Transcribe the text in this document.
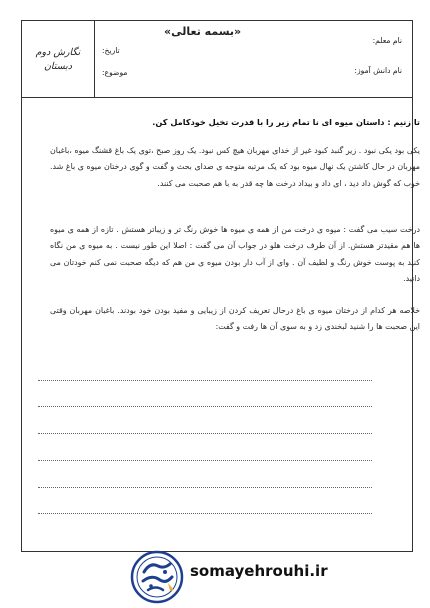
نگارش دوم
دبستان
«بسمه تعالی»
نام معلم:
نام دانش آموز:
تاریخ:
موضوع:
تا زنیم : داستان میوه ای نا تمام زیر را با قدرت تخیل خودکامل کن.
یکی بود یکی نبود . زیر گنبد کبود غیر از خدای مهربان هیچ کس نبود. یک روز صبح ،توی یک باغ قشنگ میوه ،باغبان مهربان در حال کاشتن یک نهال میوه بود که یک مرتبه متوجه ی صدای بحث و گفت و گوی درختان میوه ی باغ شد. خوب که گوش داد دید ، ای داد و بیداد درخت ها چه قدر به با هم صحبت می کنند.
درخت سیب می گفت : میوه ی درخت من از همه ی میوه ها خوش رنگ تر و زیباتر هستش . تازه از همه ی میوه ها هم مقیدتر هستش. از آن طرف درخت هلو در جواب آن می گفت : اصلا این طور نیست . به میوه ی من نگاه کنید به پوست خوش رنگ و لطیف آن . وای از آب دار بودن میوه ی من هم که دیگه صحبت نمی کنم خودتان می دانید.
خلاصه هر کدام از درختان میوه ی باغ درحال تعریف کردن از زیبایی و مفید بودن خود بودند. باغبان مهربان وقتی این صحبت ها را شنید لبخندی زد و به سوی آن ها رفت و گفت:
somayehrouhi.ir
